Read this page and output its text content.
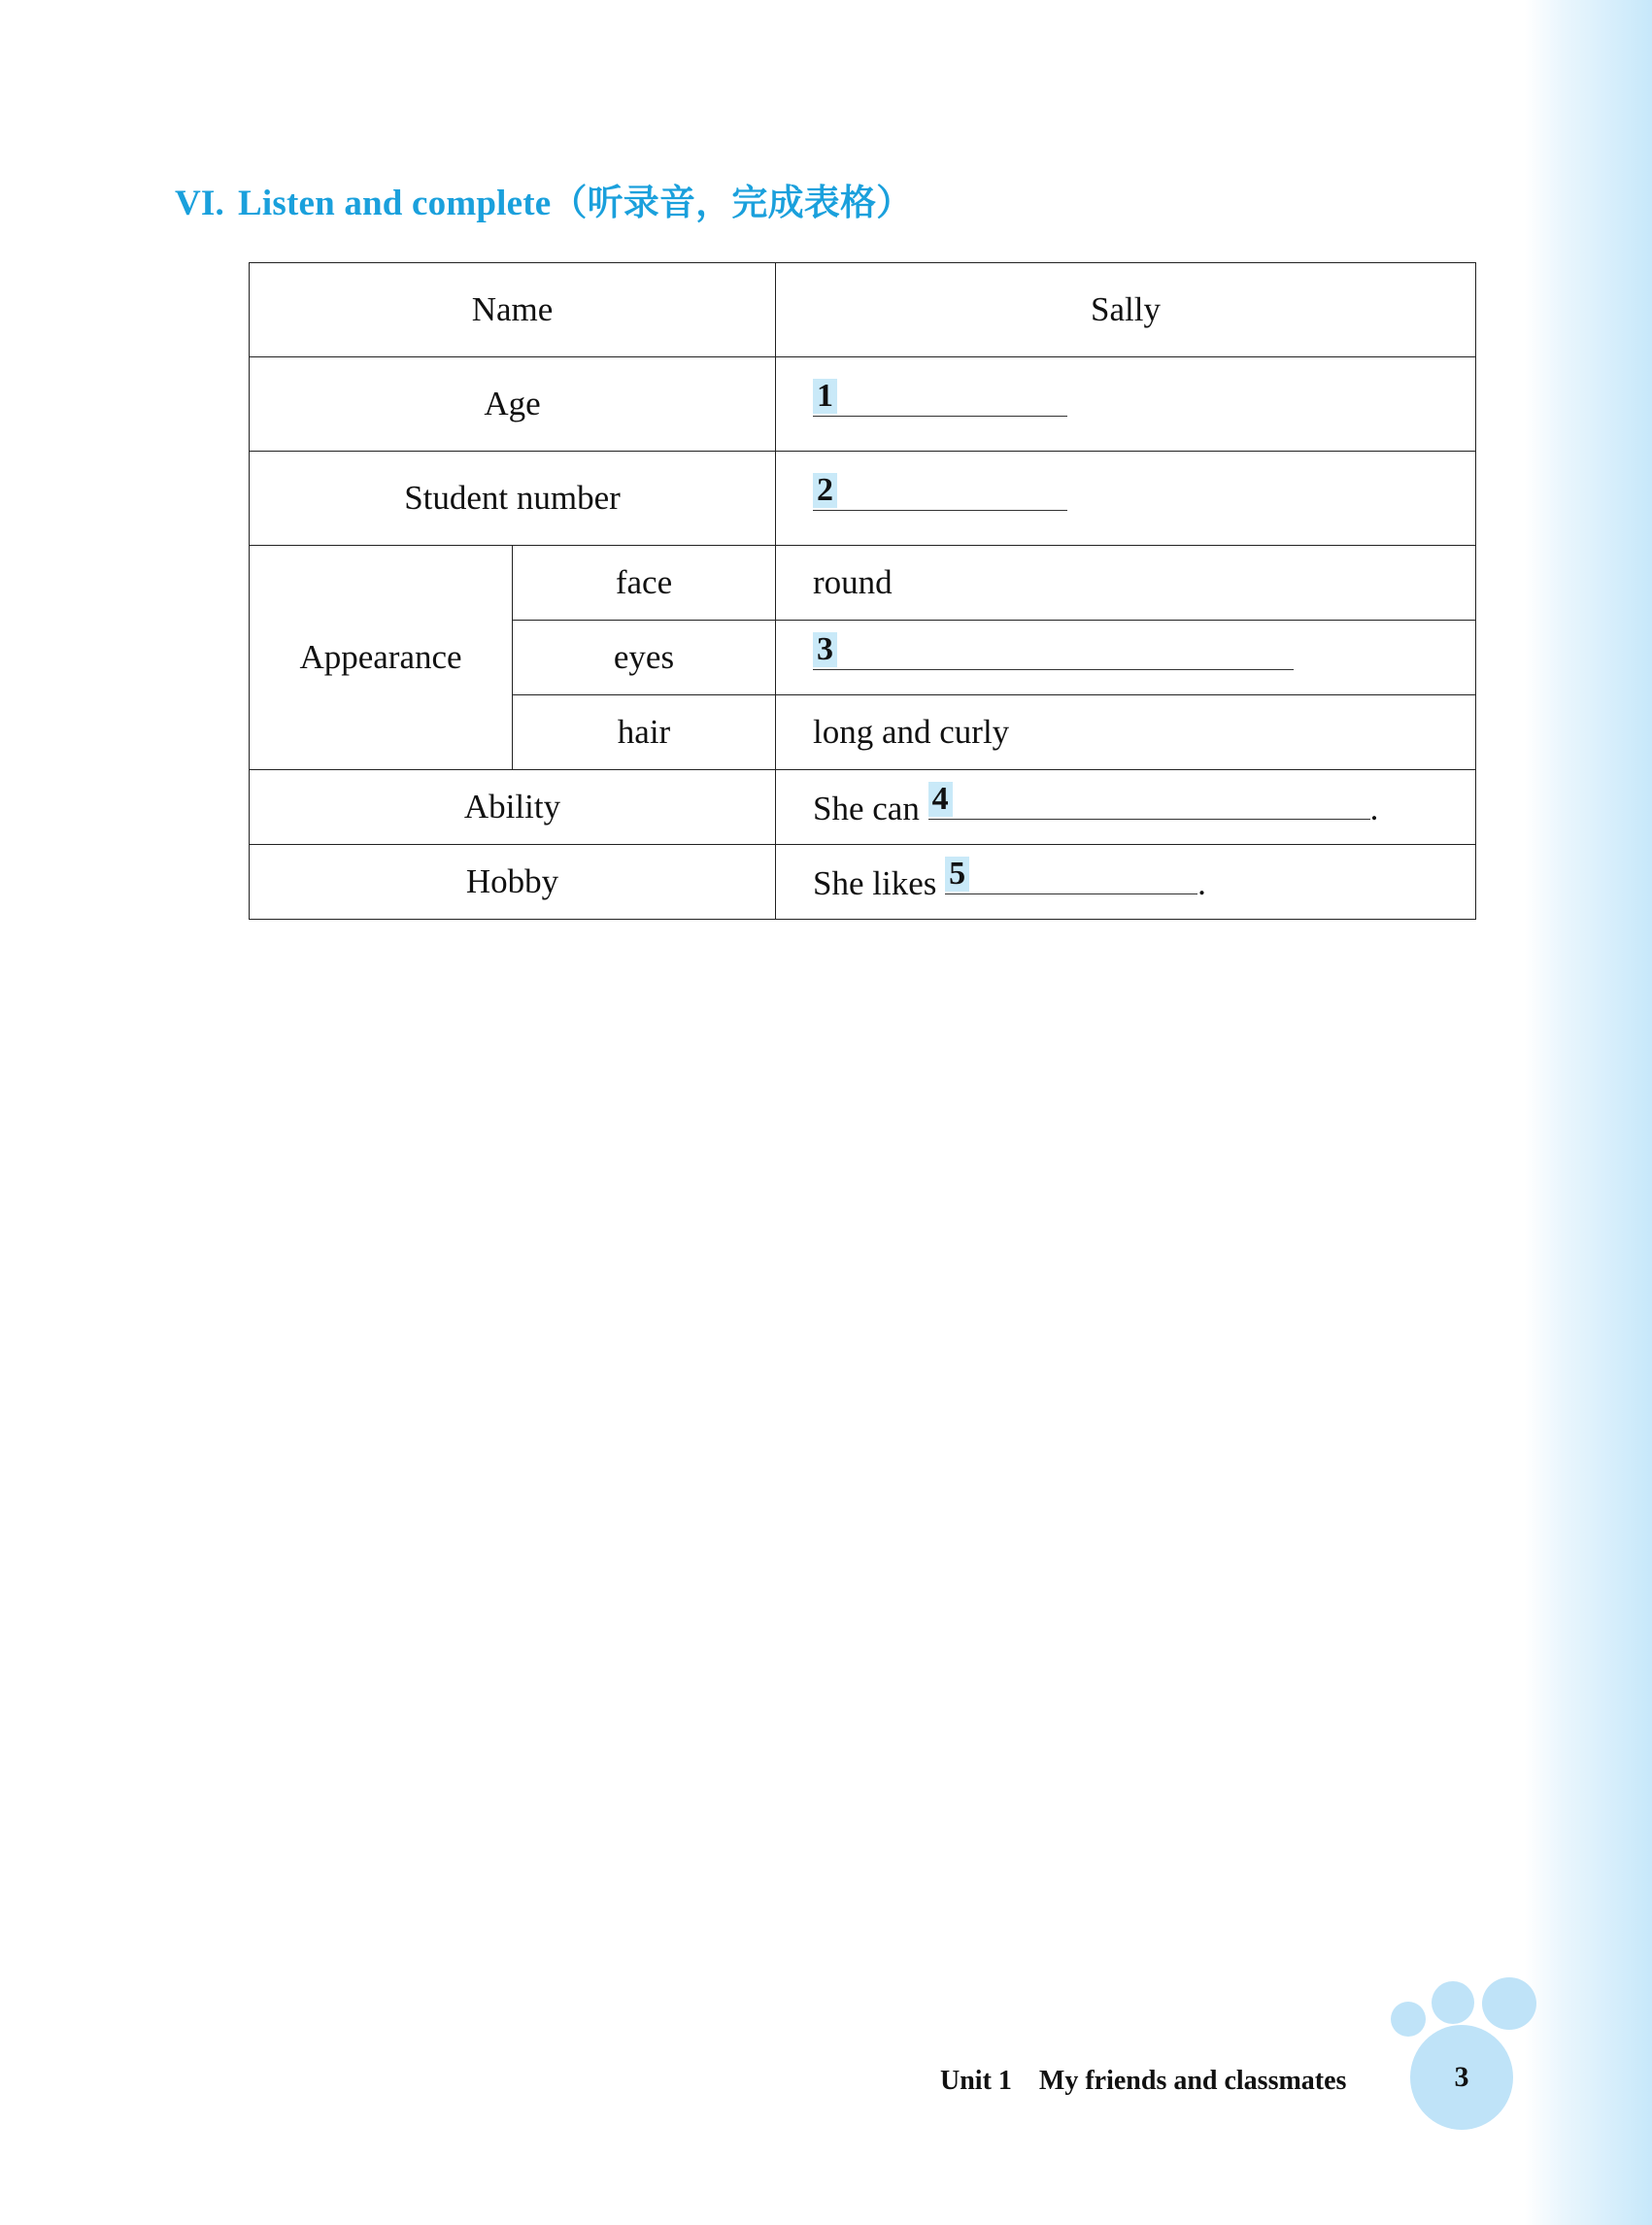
VI. Listen and complete（听录音，完成表格）
Name		Sally
Age		1

Student number		2

Appearance	face	round
	eyes	3

	hair	long and curly
Ability		She can 4 .
Hobby		She likes 5 .
Unit 1 My friends and classmates	3
